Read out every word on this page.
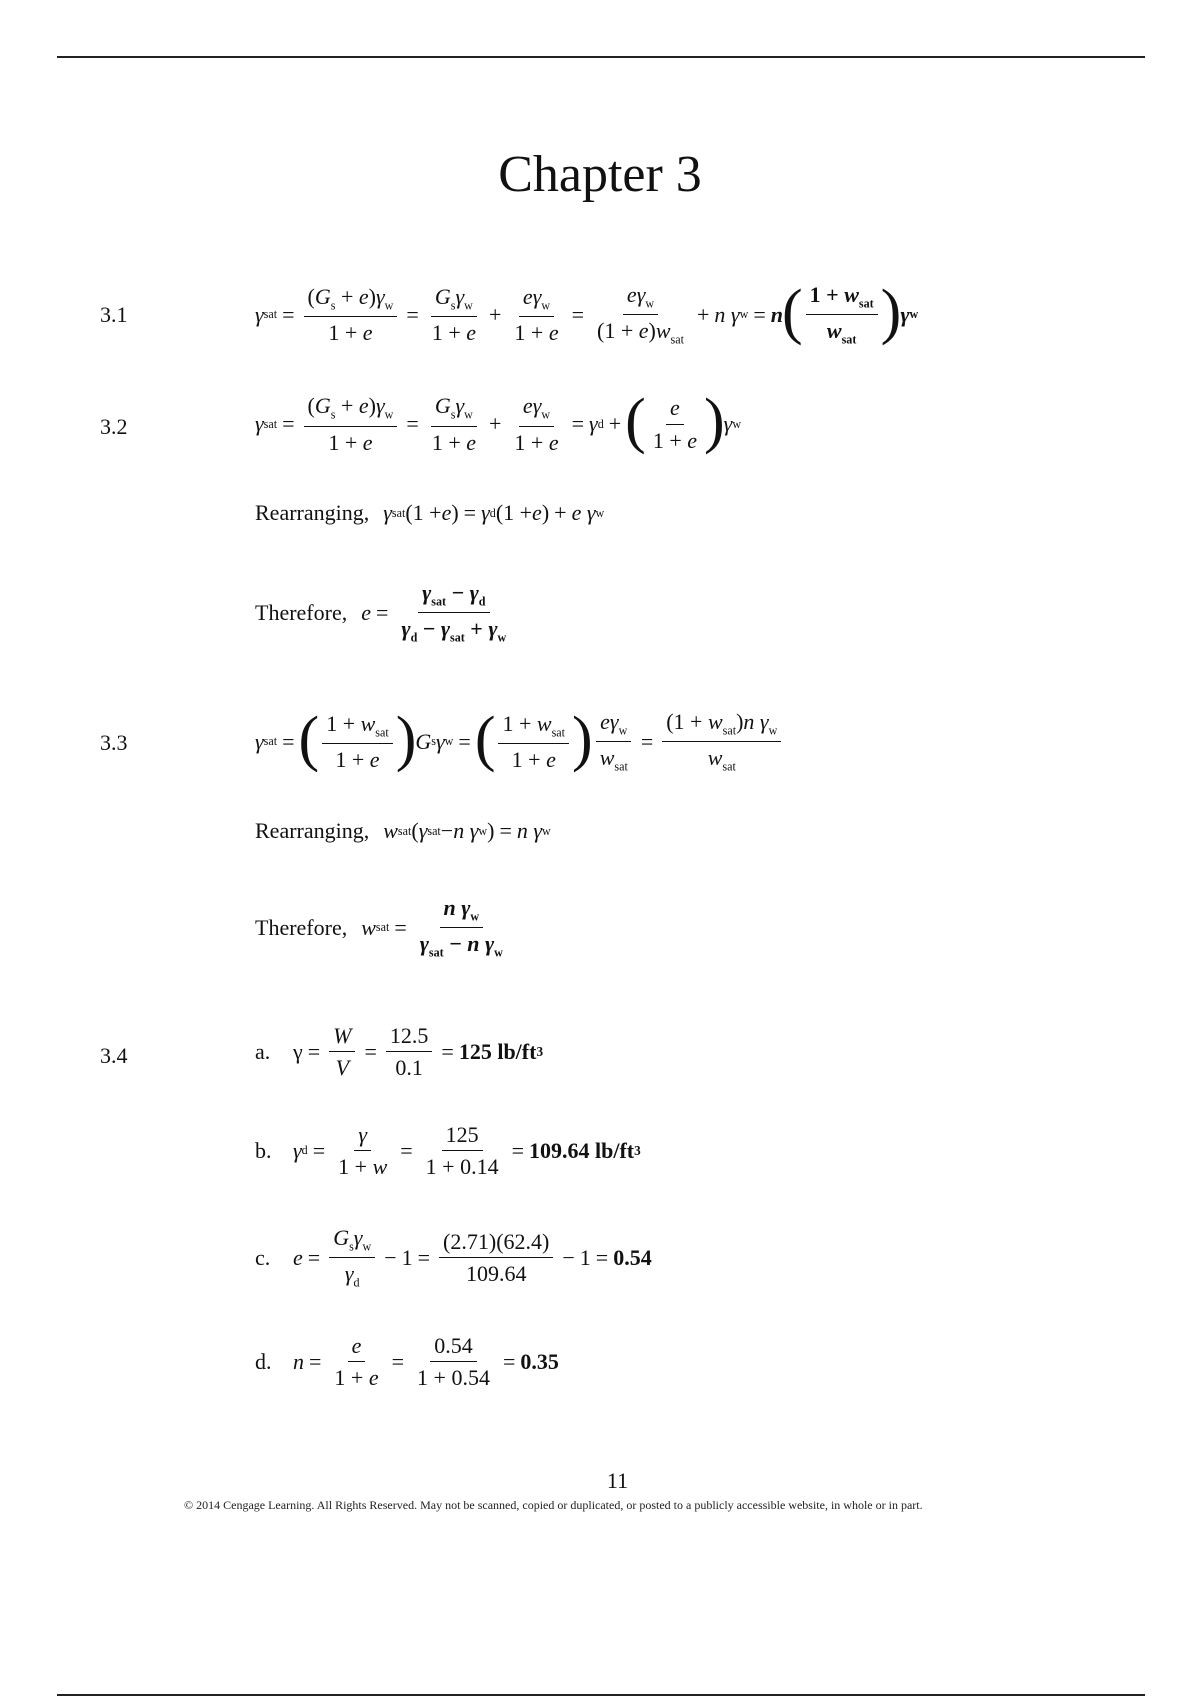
Chapter 3
3.1	γ sat = $\frac{(G_s + e)\gamma_w}{1 + e} = \frac{G_s\gamma_w}{1 + e} + \frac{e\gamma_w}{1 + e} = \frac{e\gamma_w}{(1 + e)w_{sat}} + n$ γ w = n ( $\frac{1 + w_{sat}}{w_{sat}}$ ) γ w
3.2	γ sat = $\frac{(G_s + e)\gamma_w}{1 + e} = \frac{G_s\gamma_w}{1 + e} + \frac{e\gamma_w}{1 + e} = \gamma$ d + ( $\frac{e}{1 + e}$ ) γ w
Rearranging, γ sat (1 + e ) = γ d (1 + e ) + e γ w
Therefore, $e = \frac{\gamma_{sat} - \gamma_d}{\gamma_d - \gamma_{sat} + \gamma_w}$
3.3	γ sat = ( $\frac{1 + w_{sat}}{1 + e}$ ) G s γ w = ( $\frac{1 + w_{sat}}{1 + e}$ ) $\frac{e\gamma_w}{w_{sat}} = \frac{(1 + w_{sat})n \gamma_w}{w_{sat}}$
Rearranging, w sat ( γ sat − n γ w ) = n γ w
Therefore, w sat = $\frac{n \gamma_w}{\gamma_{sat} - n \gamma_w}$
3.4	a.	$\gamma = \frac{W}{V} = \frac{12.5}{0.1} = 125$ lb/ft 3
b. γ $d = \frac{\gamma}{1 + w} = \frac{125}{1 + 0.14} = 109.64$ lb/ft 3
c.	$e = \frac{G_s\gamma_w}{\gamma_d} - 1 = \frac{(2.71)(62.4)}{109.64} - 1 = 0.54$
d. $n = \frac{e}{1 + e} = \frac{0.54}{1 + 0.54} = 0.35$
11
© 2014 Cengage Learning. All Rights Reserved. May not be scanned, copied or duplicated, or posted to a publicly accessible website, in whole or in part.
